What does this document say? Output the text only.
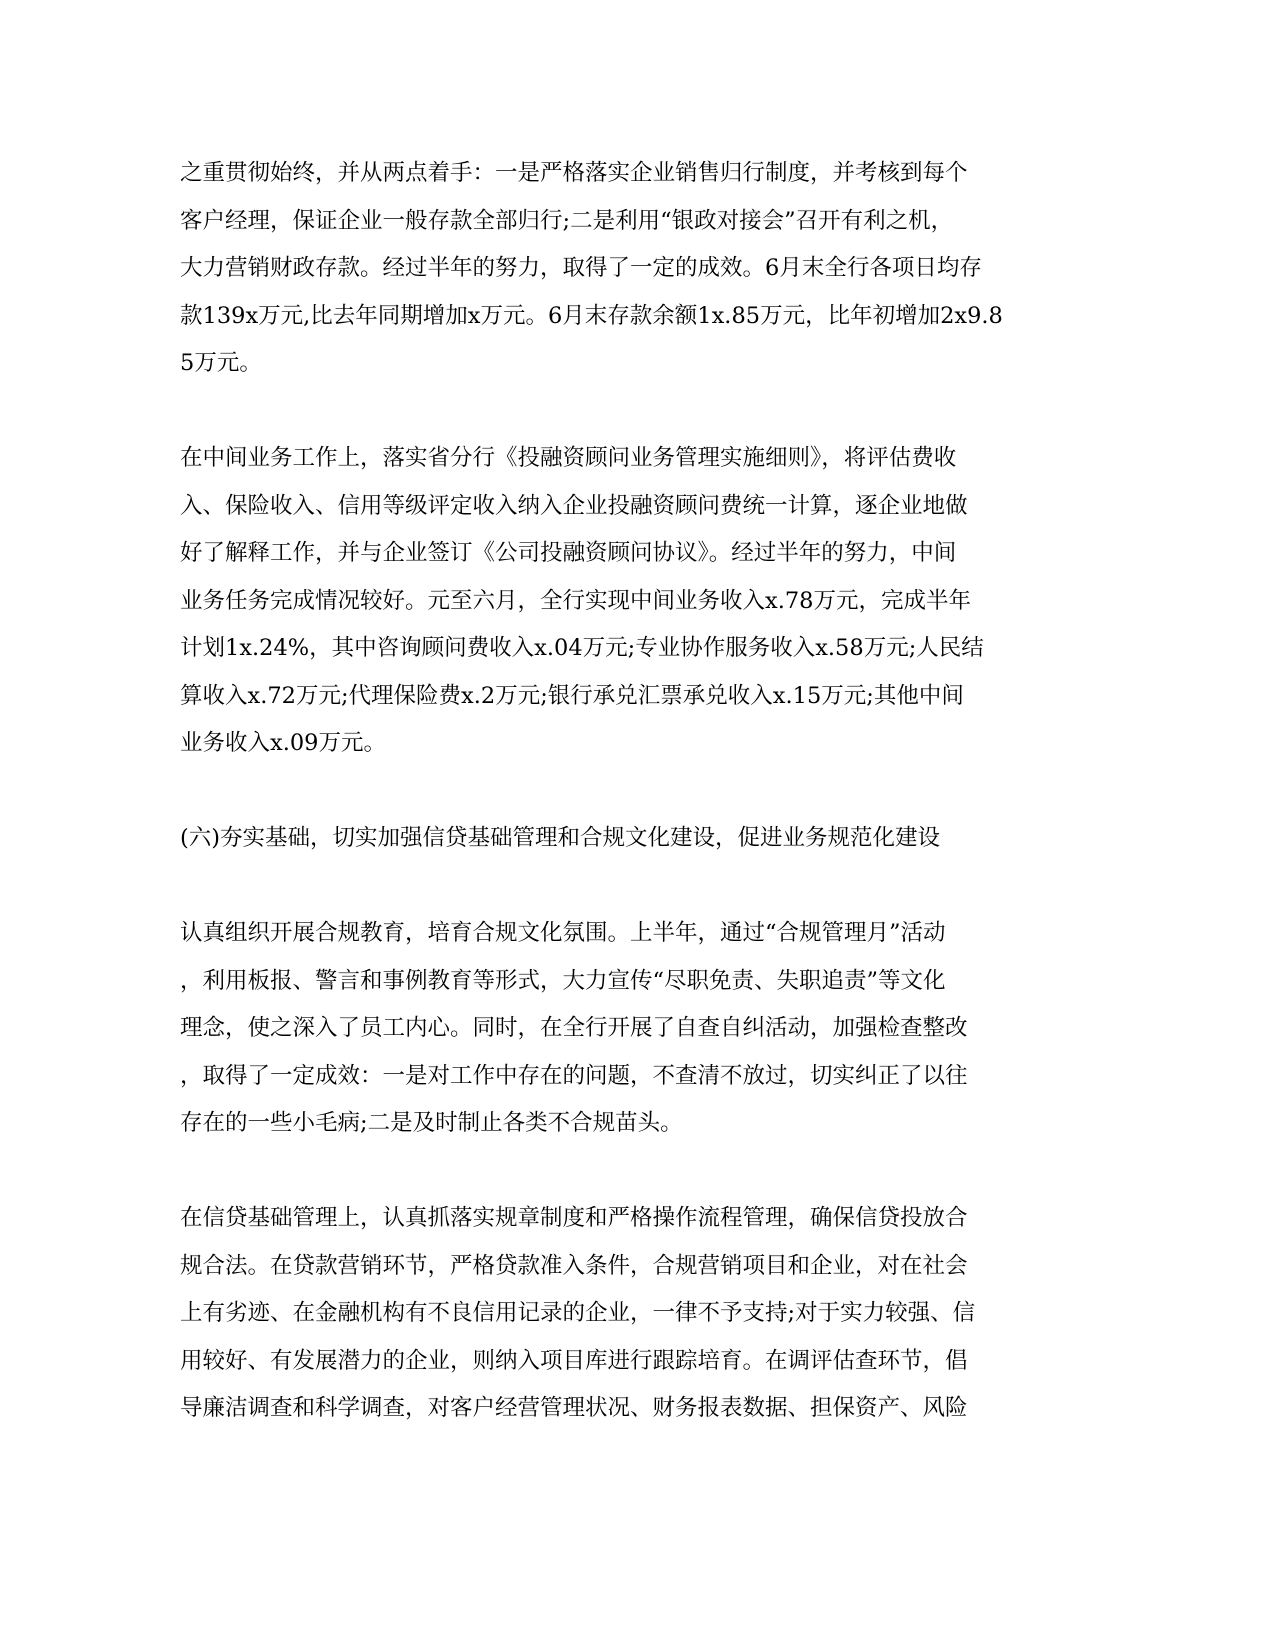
之重贯彻始终，并从两点着手：一是严格落实企业销售归行制度，并考核到每个
客户经理，保证企业一般存款全部归行;二是利用“银政对接会”召开有利之机，
大力营销财政存款。经过半年的努力，取得了一定的成效。6月末全行各项日均存
款139x万元,比去年同期增加x万元。6月末存款余额1x.85万元，比年初增加2x9.8
5万元。
在中间业务工作上，落实省分行《投融资顾问业务管理实施细则》，将评估费收
入、保险收入、信用等级评定收入纳入企业投融资顾问费统一计算，逐企业地做
好了解释工作，并与企业签订《公司投融资顾问协议》。经过半年的努力，中间
业务任务完成情况较好。元至六月，全行实现中间业务收入x.78万元，完成半年
计划1x.24%，其中咨询顾问费收入x.04万元;专业协作服务收入x.58万元;人民结
算收入x.72万元;代理保险费x.2万元;银行承兑汇票承兑收入x.15万元;其他中间
业务收入x.09万元。
(六)夯实基础，切实加强信贷基础管理和合规文化建设，促进业务规范化建设
认真组织开展合规教育，培育合规文化氛围。上半年，通过“合规管理月”活动
，利用板报、警言和事例教育等形式，大力宣传“尽职免责、失职追责”等文化
理念，使之深入了员工内心。同时，在全行开展了自查自纠活动，加强检查整改
，取得了一定成效：一是对工作中存在的问题，不查清不放过，切实纠正了以往
存在的一些小毛病;二是及时制止各类不合规苗头。
在信贷基础管理上，认真抓落实规章制度和严格操作流程管理，确保信贷投放合
规合法。在贷款营销环节，严格贷款准入条件，合规营销项目和企业，对在社会
上有劣迹、在金融机构有不良信用记录的企业，一律不予支持;对于实力较强、信
用较好、有发展潜力的企业，则纳入项目库进行跟踪培育。在调评估查环节，倡
导廉洁调查和科学调查，对客户经营管理状况、财务报表数据、担保资产、风险
